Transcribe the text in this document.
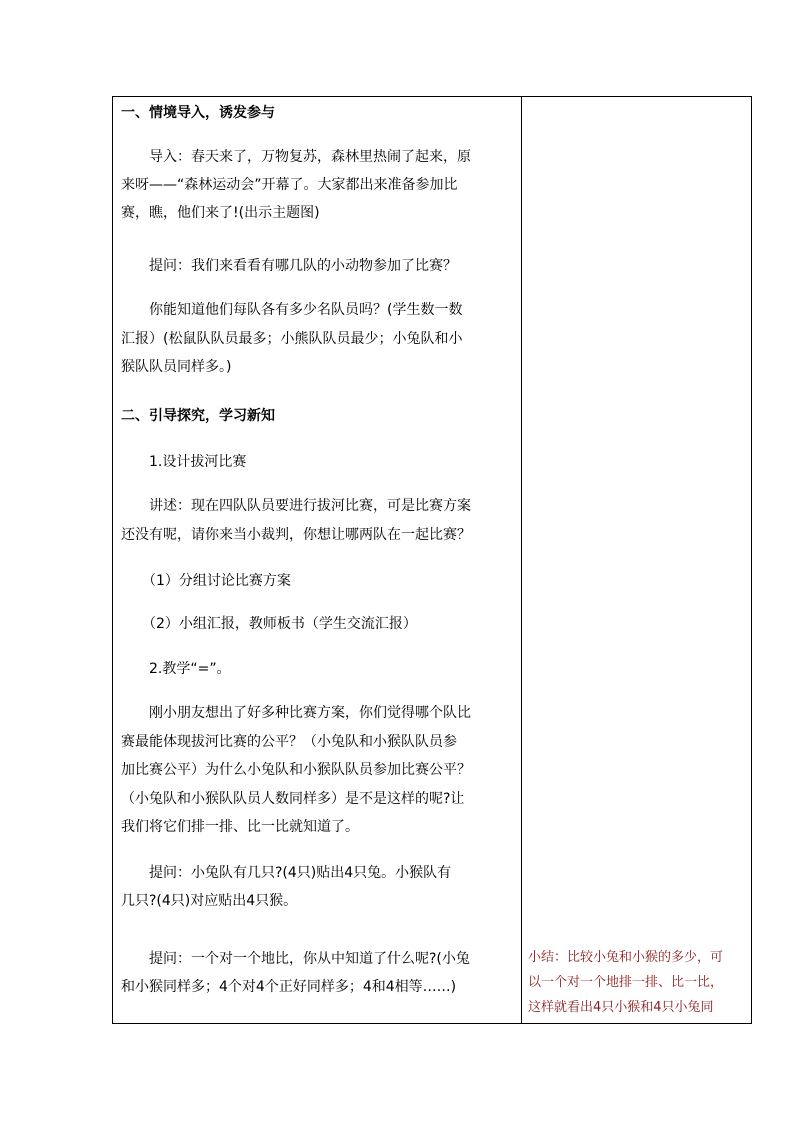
一、情境导入，诱发参与
　　导入：春天来了，万物复苏，森林里热闹了起来，原
来呀——“森林运动会”开幕了。大家都出来准备参加比
赛，瞧，他们来了!(出示主题图)
　　提问：我们来看看有哪几队的小动物参加了比赛？
　　你能知道他们每队各有多少名队员吗？(学生数一数
汇报）(松鼠队队员最多；小熊队队员最少；小兔队和小
猴队队员同样多。)
二、引导探究，学习新知
　　1.设计拔河比赛
　　讲述：现在四队队员要进行拔河比赛，可是比赛方案
还没有呢，请你来当小裁判，你想让哪两队在一起比赛？
　　（1）分组讨论比赛方案
　　（2）小组汇报，教师板书（学生交流汇报）
　　2.教学“=”。
　　刚小朋友想出了好多种比赛方案，你们觉得哪个队比
赛最能体现拔河比赛的公平？（小兔队和小猴队队员参
加比赛公平）为什么小兔队和小猴队队员参加比赛公平？
（小兔队和小猴队队员人数同样多）是不是这样的呢?让
我们将它们排一排、比一比就知道了。
　　提问：小兔队有几只?(4只)贴出4只兔。小猴队有
几只?(4只)对应贴出4只猴。
　　提问：一个对一个地比，你从中知道了什么呢?(小兔
和小猴同样多；4个对4个正好同样多；4和4相等……)
小结：比较小兔和小猴的多少，可
以一个对一个地排一排、比一比，
这样就看出4只小猴和4只小兔同
